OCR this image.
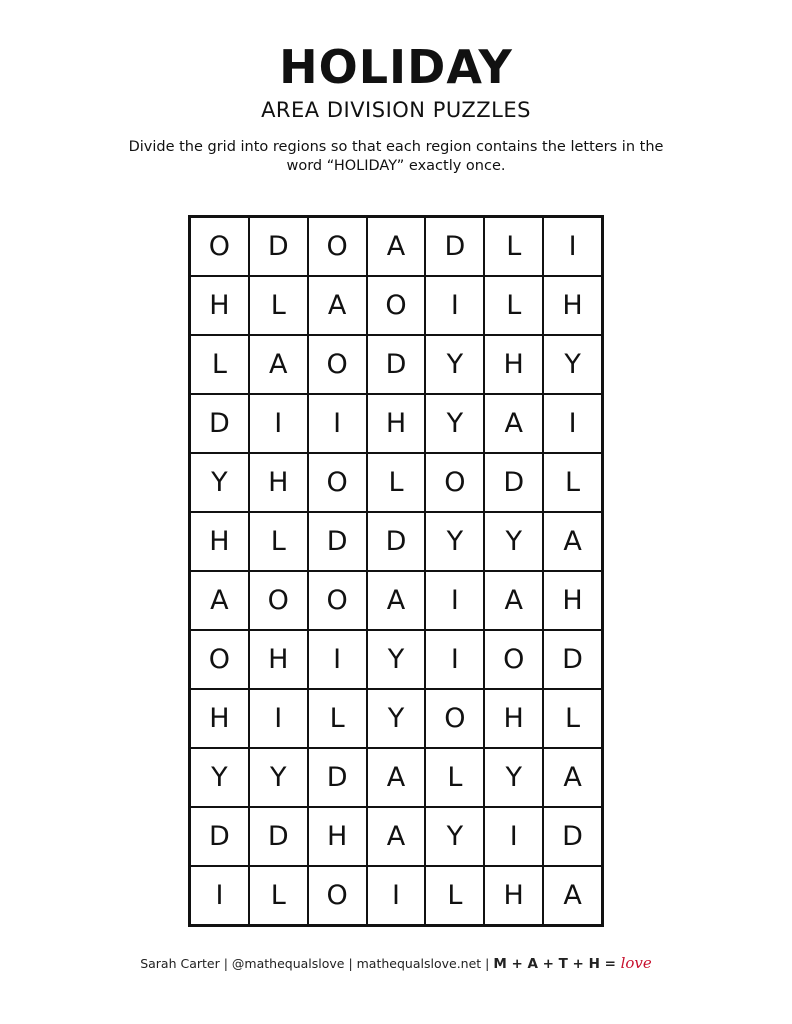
HOLIDAY
AREA DIVISION PUZZLES
Divide the grid into regions so that each region contains the letters in the word “HOLIDAY” exactly once.
O	D	O	A	D	L	I
H	L	A	O	I	L	H
L	A	O	D	Y	H	Y
D	I	I	H	Y	A	I
Y	H	O	L	O	D	L
H	L	D	D	Y	Y	A
A	O	O	A	I	A	H
O	H	I	Y	I	O	D
H	I	L	Y	O	H	L
Y	Y	D	A	L	Y	A
D	D	H	A	Y	I	D
I	L	O	I	L	H	A
Sarah Carter | @mathequalslove | mathequalslove.net | M + A + T + H = love
